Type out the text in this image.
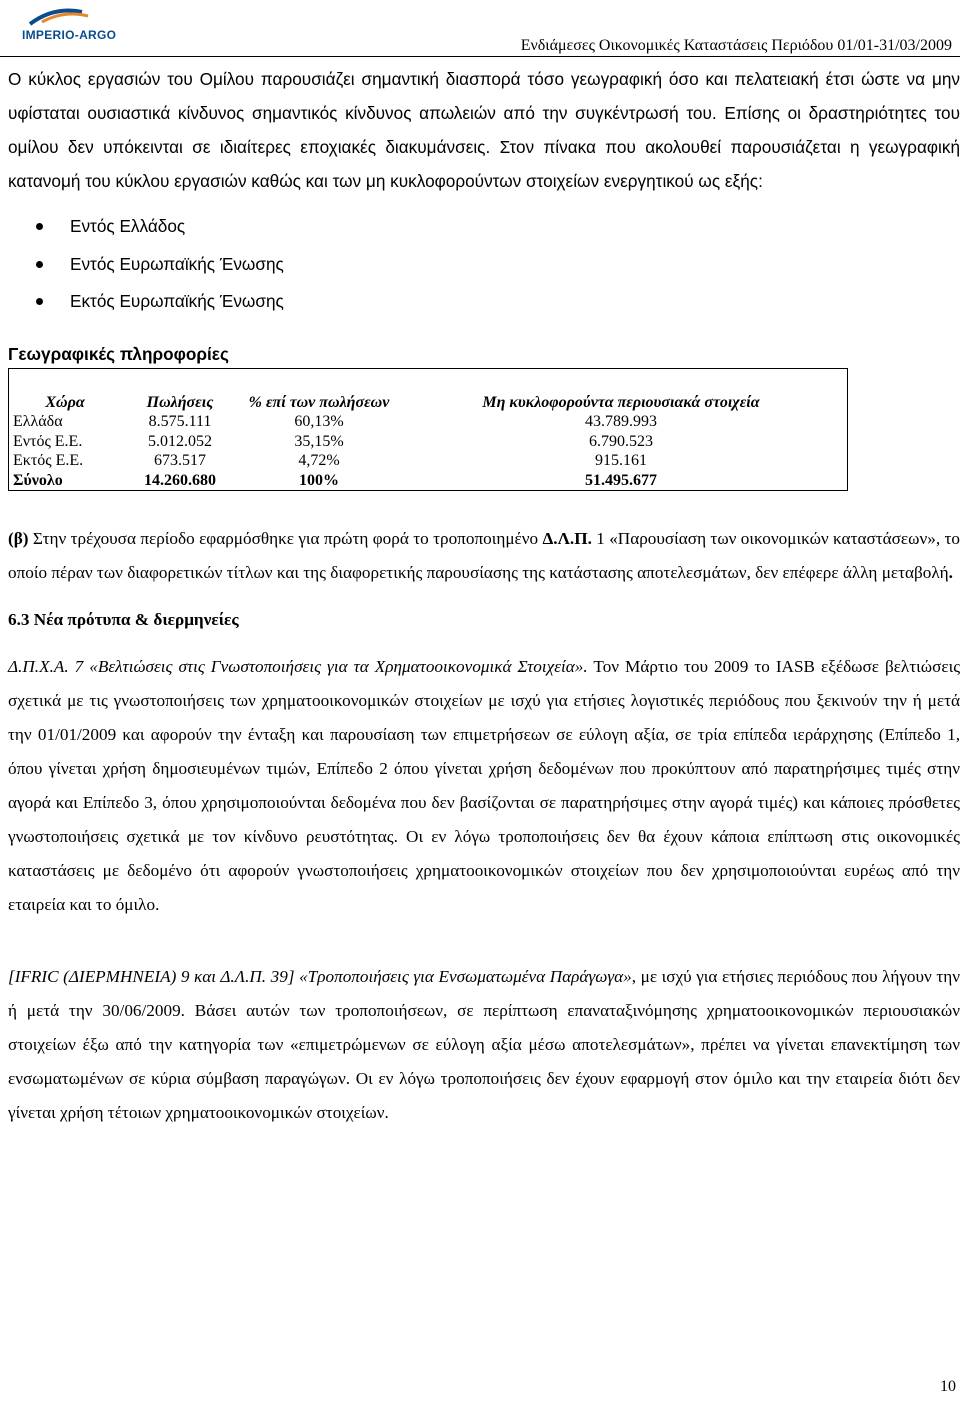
IMPERIO-ARGO
Ενδιάμεσες Οικονομικές Καταστάσεις Περιόδου 01/01-31/03/2009

Ο κύκλος εργασιών του Ομίλου παρουσιάζει σημαντική διασπορά τόσο γεωγραφική όσο και πελατειακή έτσι ώστε να μην υφίσταται ουσιαστικά κίνδυνος σημαντικός κίνδυνος απωλειών από την συγκέντρωσή του. Επίσης οι δραστηριότητες του ομίλου δεν υπόκεινται σε ιδιαίτερες εποχιακές διακυμάνσεις. Στον πίνακα που ακολουθεί παρουσιάζεται η γεωγραφική κατανομή του κύκλου εργασιών καθώς και των μη κυκλοφορούντων στοιχείων ενεργητικού ως εξής:

Εντός Ελλάδος
Εντός Ευρωπαϊκής Ένωσης
Εκτός Ευρωπαϊκής Ένωσης
Γεωγραφικές πληροφορίες
Χώρα	Πωλήσεις	% επί των πωλήσεων	Μη κυκλοφορούντα περιουσιακά στοιχεία
Ελλάδα	8.575.111	60,13%	43.789.993
Εντός Ε.Ε.	5.012.052	35,15%	6.790.523
Εκτός Ε.Ε.	673.517	4,72%	915.161
Σύνολο	14.260.680	100%	51.495.677

(β) Στην τρέχουσα περίοδο εφαρμόσθηκε για πρώτη φορά το τροποποιημένο Δ.Λ.Π. 1 «Παρουσίαση των οικονομικών καταστάσεων», το οποίο πέραν των διαφορετικών τίτλων και της διαφορετικής παρουσίασης της κατάστασης αποτελεσμάτων, δεν επέφερε άλλη μεταβολή.

6.3 Νέα πρότυπα & διερμηνείες

Δ.Π.Χ.Α. 7 «Βελτιώσεις στις Γνωστοποιήσεις για τα Χρηματοοικονομικά Στοιχεία». Τον Μάρτιο του 2009 το IASB εξέδωσε βελτιώσεις σχετικά με τις γνωστοποιήσεις των χρηματοοικονομικών στοιχείων με ισχύ για ετήσιες λογιστικές περιόδους που ξεκινούν την ή μετά την 01/01/2009 και αφορούν την ένταξη και παρουσίαση των επιμετρήσεων σε εύλογη αξία, σε τρία επίπεδα ιεράρχησης (Επίπεδο 1, όπου γίνεται χρήση δημοσιευμένων τιμών, Επίπεδο 2 όπου γίνεται χρήση δεδομένων που προκύπτουν από παρατηρήσιμες τιμές στην αγορά και Επίπεδο 3, όπου χρησιμοποιούνται δεδομένα που δεν βασίζονται σε παρατηρήσιμες στην αγορά τιμές) και κάποιες πρόσθετες γνωστοποιήσεις σχετικά με τον κίνδυνο ρευστότητας. Οι εν λόγω τροποποιήσεις δεν θα έχουν κάποια επίπτωση στις οικονομικές καταστάσεις με δεδομένο ότι αφορούν γνωστοποιήσεις χρηματοοικονομικών στοιχείων που δεν χρησιμοποιούνται ευρέως από την εταιρεία και το όμιλο.

[IFRIC (ΔΙΕΡΜΗΝΕΙΑ) 9 και Δ.Λ.Π. 39] «Τροποποιήσεις για Ενσωματωμένα Παράγωγα», με ισχύ για ετήσιες περιόδους που λήγουν την ή μετά την 30/06/2009. Βάσει αυτών των τροποποιήσεων, σε περίπτωση επαναταξινόμησης χρηματοοικονομικών περιουσιακών στοιχείων έξω από την κατηγορία των «επιμετρώμενων σε εύλογη αξία μέσω αποτελεσμάτων», πρέπει να γίνεται επανεκτίμηση των ενσωματωμένων σε κύρια σύμβαση παραγώγων. Οι εν λόγω τροποποιήσεις δεν έχουν εφαρμογή στον όμιλο και την εταιρεία διότι δεν γίνεται χρήση τέτοιων χρηματοοικονομικών στοιχείων.

10
